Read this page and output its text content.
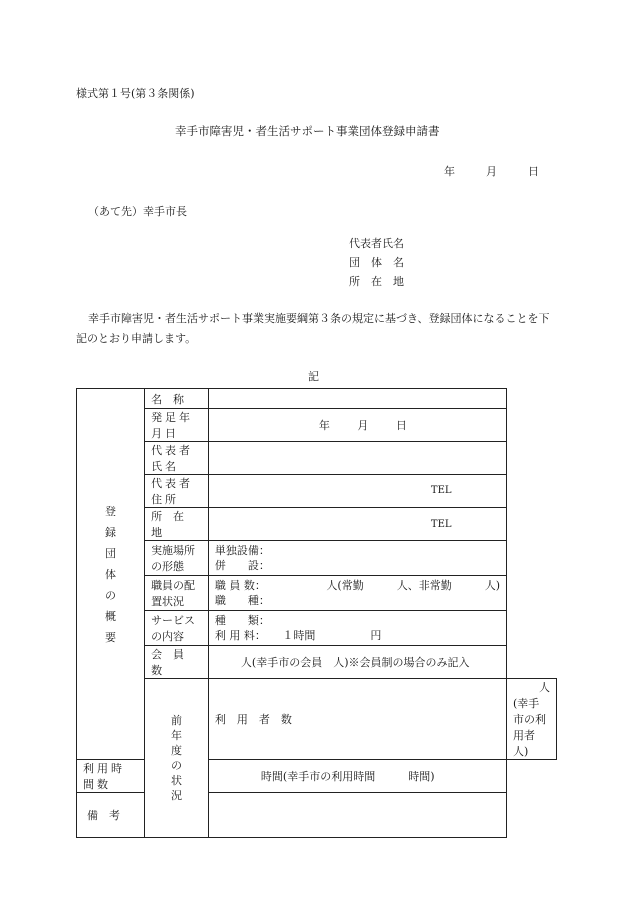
様式第１号(第３条関係)
幸手市障害児・者生活サポート事業団体登録申請書
年	月	日
（あて先）幸手市長
代表者氏名
団　体　名
所　在　地
幸手市障害児・者生活サポート事業実施要綱第３条の規定に基づき、登録団体になることを下記のとおり申請します。
記
登録団体の概要	名　称		

	発足年月日	年 月 日	

	代表者氏名		

	代表者住所	TEL	

	所　在　地	TEL	

	実施場所の形態	単独設備：
併　　設：	

	職員の配置状況	職 員 数：　　　　　　人(常勤　　　人、非常勤　　　人)
職　　種：	

	サービスの内容	種　　類：
利 用 料：　　１時間　　　　　円	

	会　員　数	人(幸手市の会員　人)※会員制の場合のみ記入	
	前年度の状況	利　用　者　数	人(幸手市の利用者　人)

利用時間数		時間(幸手市の利用時間　　　時間)	

備　考			
